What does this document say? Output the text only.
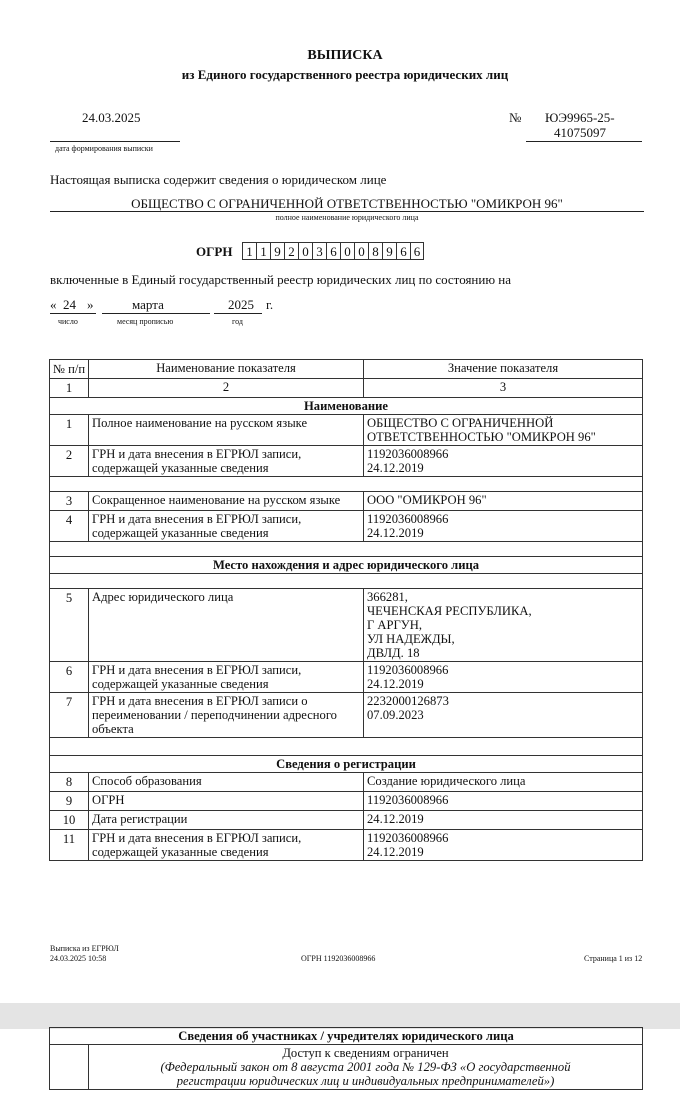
ВЫПИСКА
из Единого государственного реестра юридических лиц
24.03.2025
дата формирования выписки
№ ЮЭ9965-25-
41075097
Настоящая выписка содержит сведения о юридическом лице
ОБЩЕСТВО С ОГРАНИЧЕННОЙ ОТВЕТСТВЕННОСТЬЮ "ОМИКРОН 96"
полное наименование юридического лица
ОГРН	1 1 9 2 0 3 6 0 0 8 9 6 6
включенные в Единый государственный реестр юридических лиц по состоянию на
« 24 »
число
марта
месяц прописью
2025 г.
год
№ п/п	Наименование показателя	Значение показателя
1	2	3
Наименование		
1	Полное наименование на русском языке	ОБЩЕСТВО С ОГРАНИЧЕННОЙ ОТВЕТСТВЕННОСТЬЮ "ОМИКРОН 96"
2	ГРН и дата внесения в ЕГРЮЛ записи, содержащей указанные сведения	1192036008966
24.12.2019

3	Сокращенное наименование на русском языке	ООО "ОМИКРОН 96"
4	ГРН и дата внесения в ЕГРЮЛ записи, содержащей указанные сведения	1192036008966
24.12.2019

Место нахождения и адрес юридического лица		

5	Адрес юридического лица	366281,
ЧЕЧЕНСКАЯ РЕСПУБЛИКА,
Г АРГУН,
УЛ НАДЕЖДЫ,
ДВЛД. 18

6	ГРН и дата внесения в ЕГРЮЛ записи, содержащей указанные сведения	1192036008966
24.12.2019

7	ГРН и дата внесения в ЕГРЮЛ записи о переименовании / переподчинении адресного объекта	2232000126873
07.09.2023

Сведения о регистрации		
8	Способ образования	Создание юридического лица
9	ОГРН	1192036008966
10	Дата регистрации	24.12.2019
11	ГРН и дата внесения в ЕГРЮЛ записи, содержащей указанные сведения	1192036008966
24.12.2019
Выписка из ЕГРЮЛ
24.03.2025 10:58	ОГРН 1192036008966	Страница 1 из 12
Сведения об участниках / учредителях юридического лица

Доступ к сведениям ограничен
(Федеральный закон от 8 августа 2001 года № 129-ФЗ «О государственной
регистрации юридических лиц и индивидуальных предпринимателей»)
